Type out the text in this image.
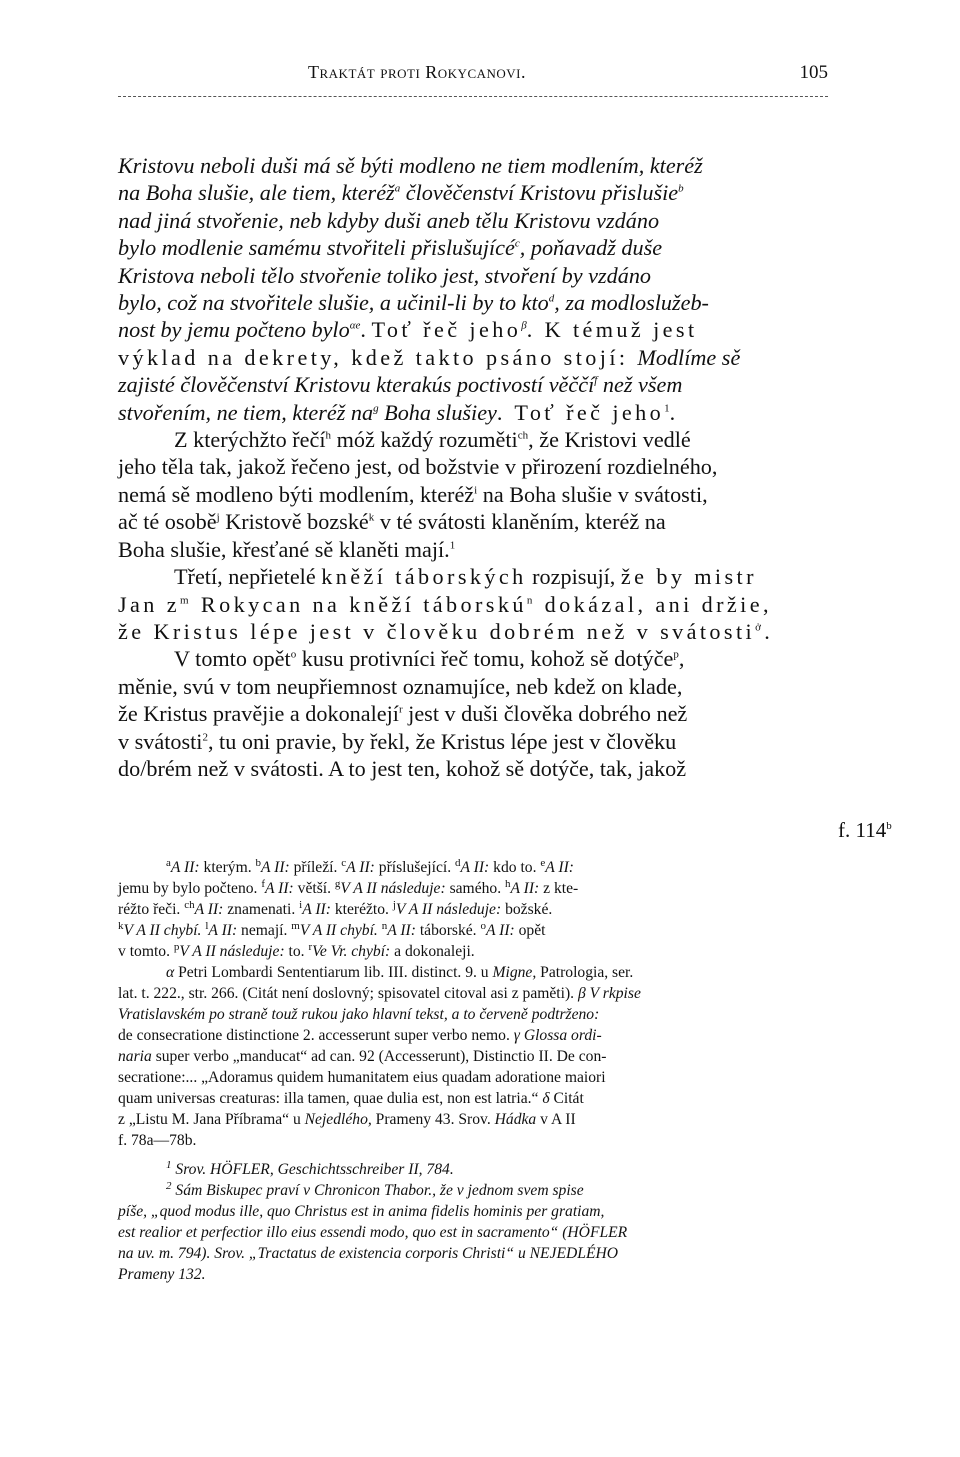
Traktát proti Rokycanovi.	105

Kristovu neboli duši má sě býti modleno ne tiem modlením, kteréž

na Boha slušie, ale tiem, kteréž$^a$ člověčenství Kristovu přislušie$^b$

nad jiná stvořenie, neb kdyby duši aneb tělu Kristovu vzdáno

bylo modlenie samému stvořiteli přislušujícé$^c$, poňavadž duše

Kristova neboli tělo stvořenie toliko jest, stvoření by vzdáno

bylo, což na stvořitele slušie, a učinil-li by to kto$^d$, za modloslužeb-

nost by jemu počteno bylo$^{\alpha e}$. Toť řeč jeho$^\beta$. K témuž jest

výklad na dekrety, kdež takto psáno stojí: Modlíme sě

zajisté člověčenství Kristovu kterakús poctivostí věččí$^f$ než všem

stvořením, ne tiem, kteréž $na^g$ Boha slušiey. Toť řeč jeho$^1$.

Z kterýchžto řečí$^h$ móž každý rozuměti$^{ch}$, že Kristovi vedlé

jeho těla tak, jakož řečeno jest, od božstvie v přirození rozdielného,

nemá sě modleno býti modlením, kteréž$^i$ na Boha slušie v svátosti,

ač té osobě$^j$ Kristově bozské$^k$ v té svátosti klaněním, kteréž na

Boha slušie, křesťané sě klaněti mají.$^1$

Třetí, nepřietelé kněží táborských rozpisují, že by mistr

Jan $z^m$ Rokycan na kněží táborskú$^n$ dokázal, ani držie,

že Kristus lépe jest v člověku dobrém než v svátosti$^ở$.

V tomto opět$^o$ kusu protivníci řeč tomu, kohož sě dotýče$^p$,

měnie, svú v tom neupřiemnost oznamujíce, neb kdež on klade,

že Kristus pravějie a dokonalejí$^r$ jest v duši člověka dobrého než

v svátosti$^2$, tu oni pravie, by řekl, že Kristus lépe jest v člověku

do/brém než v svátosti. A to jest ten, kohož sě dotýče, tak, jakož

f. 114$^b$

$^a$A II: kterým. $^b$A II: příleží. $^c$A II: příslušející. $^d$A II: kdo to. $^e$A II:

jemu by bylo počteno. $^f$A II: větší. $^g$V A II následuje: samého. $^h$A II: z kte-

réžto řeči. $^{ch}$A II: znamenati. $^i$A II: kteréžto. $^j$V A II následuje: božské.

$^k$V A II chybí. $^l$A II: nemají. $^m$V A II chybí. $^n$A II: táborské. $^o$A II: opět

v tomto. $^p$V A II následuje: to. $^r$Ve Vr. chybí: a dokonaleji.

α Petri Lombardi Sententiarum lib. III. distinct. 9. u Migne, Patrologia, ser.

lat. t. 222., str. 266. (Citát není doslovný; spisovatel citoval asi z paměti). β V rkpise

Vratislavském po straně touž rukou jako hlavní tekst, a to červeně podtrženo:

de consecratione distinctione 2. accesserunt super verbo nemo. γ Glossa ordi-

naria super verbo „manducat“ ad can. 92 (Accesserunt), Distinctio II. De con-

secratione:... „Adoramus quidem humanitatem eius quadam adoratione maiori

quam universas creaturas: illa tamen, quae dulia est, non est latria.“ δ Citát

z „Listu M. Jana Příbrama“ u Nejedlého, Prameny 43. Srov. Hádka v A II

f. 78a—78b.

$^1$ Srov. HÖFLER, Geschichtsschreiber II, 784.

$^2$ Sám Biskupec praví v Chronicon Thabor., že v jednom svem spise

píše, „quod modus ille, quo Christus est in anima fidelis hominis per gratiam,

est realior et perfectior illo eius essendi modo, quo est in sacramento“ (HÖFLER

na uv. m. 794). Srov. „Tractatus de existencia corporis Christi“ u NEJEDLÉHO

Prameny 132.
